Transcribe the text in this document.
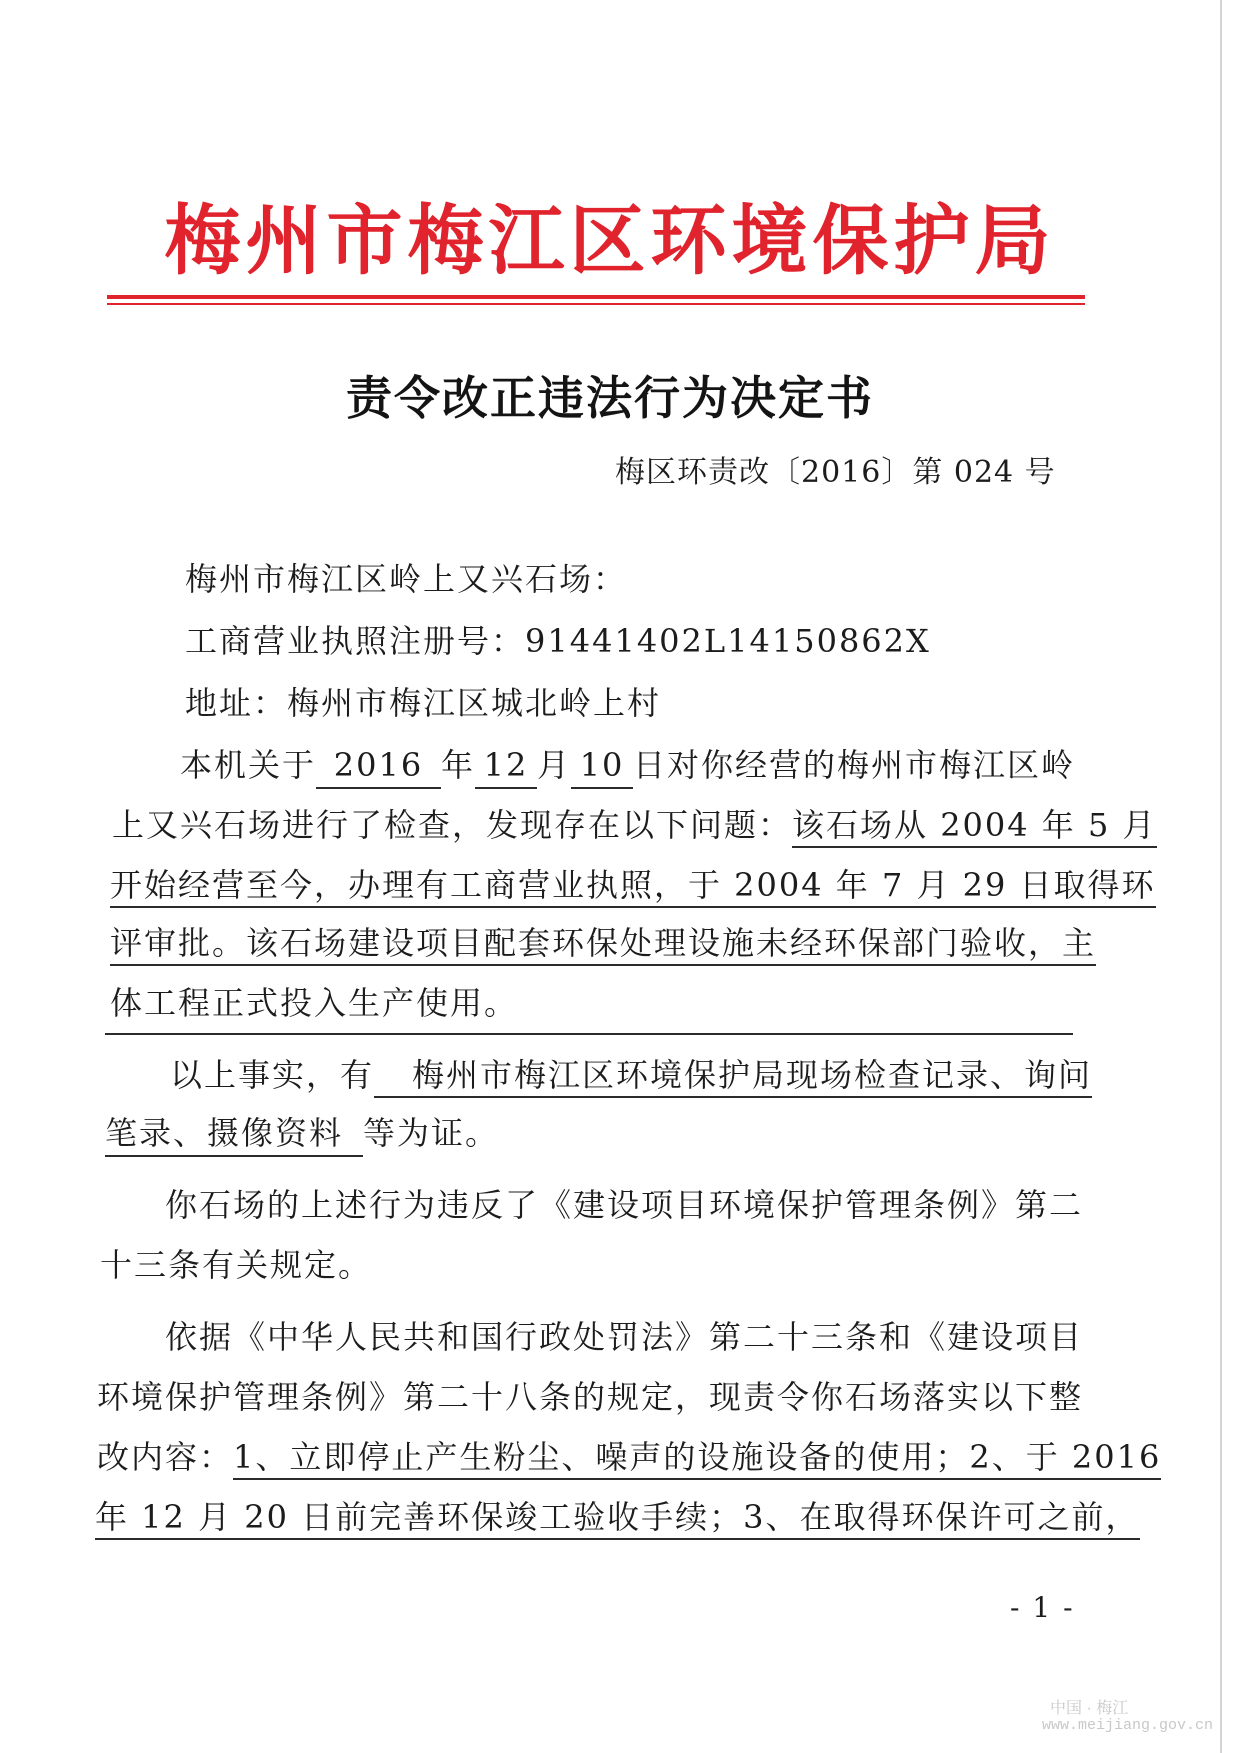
梅州市梅江区环境保护局
责令改正违法行为决定书
梅区环责改〔2016〕第 024 号
梅州市梅江区岭上又兴石场：
工商营业执照注册号：91441402L14150862X
地址：梅州市梅江区城北岭上村
本机关于 2016 年 12 月 10 日对你经营的梅州市梅江区岭
上又兴石场进行了检查，发现存在以下问题：该石场从 2004 年 5 月
开始经营至今，办理有工商营业执照，于 2004 年 7 月 29 日取得环
评审批。该石场建设项目配套环保处理设施未经环保部门验收，主
体工程正式投入生产使用。
以上事实，有 梅州市梅江区环境保护局现场检查记录、询问
笔录、摄像资料 等为证。
你石场的上述行为违反了《建设项目环境保护管理条例》第二
十三条有关规定。
依据《中华人民共和国行政处罚法》第二十三条和《建设项目
环境保护管理条例》第二十八条的规定，现责令你石场落实以下整
改内容：1、立即停止产生粉尘、噪声的设施设备的使用；2、于 2016
年 12 月 20 日前完善环保竣工验收手续；3、在取得环保许可之前，
- 1 -
中国 · 梅江
www.meijiang.gov.cn
